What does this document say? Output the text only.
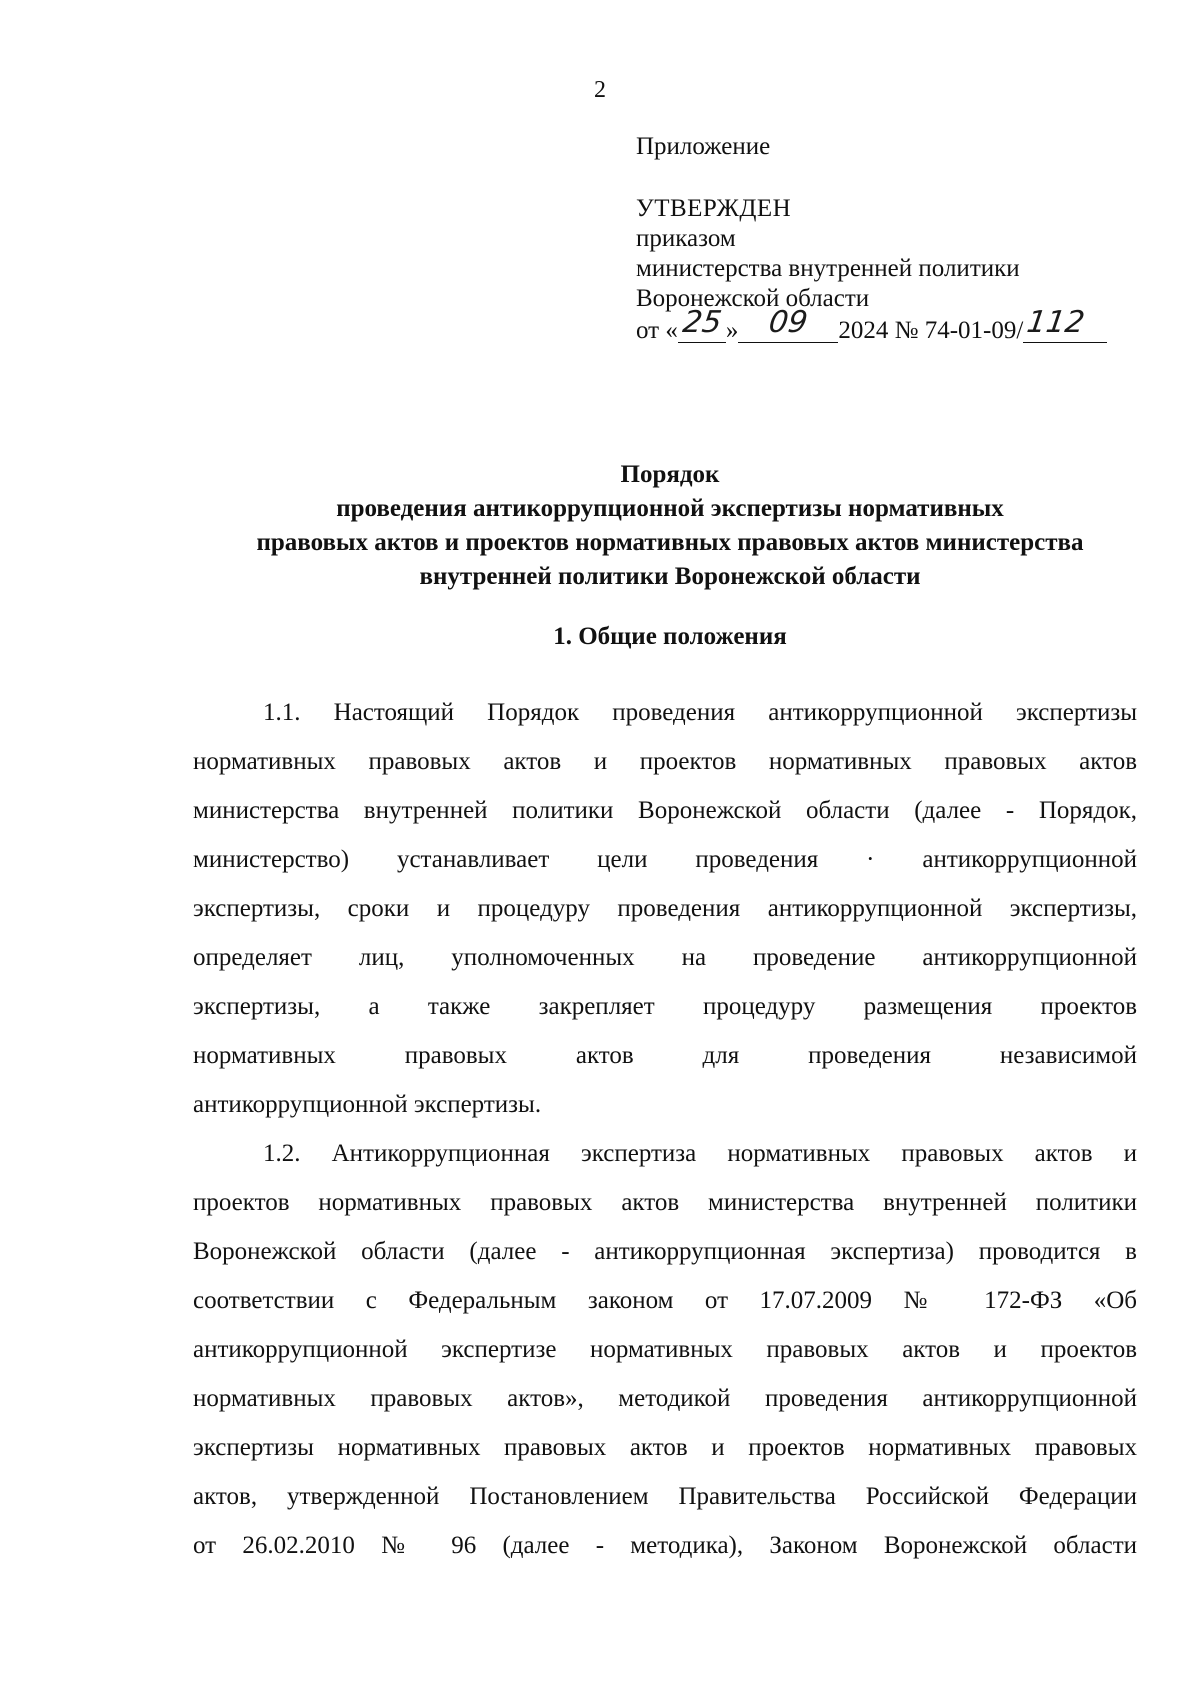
2
Приложение
УТВЕРЖДЕН
приказом
министерства внутренней политики
Воронежской области
от «25» 09 2024 № 74-01-09/112
Порядок
проведения антикоррупционной экспертизы нормативных
правовых актов и проектов нормативных правовых актов министерства
внутренней политики Воронежской области
1. Общие положения
1.1. Настоящий Порядок проведения антикоррупционной экспертизы
нормативных правовых актов и проектов нормативных правовых актов
министерства внутренней политики Воронежской области (далее - Порядок,
министерство) устанавливает цели проведения · антикоррупционной
экспертизы, сроки и процедуру проведения антикоррупционной экспертизы,
определяет лиц, уполномоченных на проведение антикоррупционной
экспертизы, а также закрепляет процедуру размещения проектов
нормативных правовых актов для проведения независимой
антикоррупционной экспертизы.
1.2. Антикоррупционная экспертиза нормативных правовых актов и
проектов нормативных правовых актов министерства внутренней политики
Воронежской области (далее - антикоррупционная экспертиза) проводится в
соответствии с Федеральным законом от 17.07.2009 № 172-ФЗ «Об
антикоррупционной экспертизе нормативных правовых актов и проектов
нормативных правовых актов», методикой проведения антикоррупционной
экспертизы нормативных правовых актов и проектов нормативных правовых
актов, утвержденной Постановлением Правительства Российской Федерации
от 26.02.2010 № 96 (далее - методика), Законом Воронежской области
